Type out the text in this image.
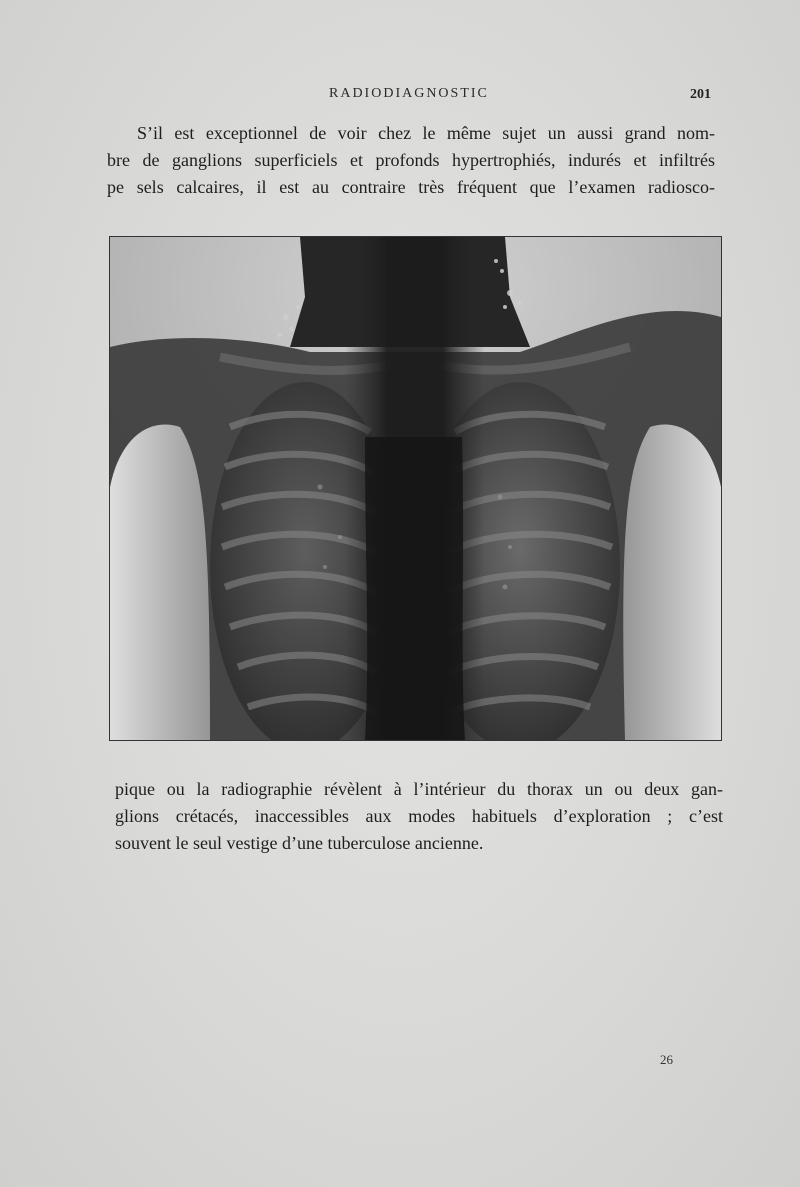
RADIODIAGNOSTIC	201
S’il est exceptionnel de voir chez le même sujet un aussi grand nom-
bre de ganglions superficiels et profonds hypertrophiés, indurés et infiltrés
pe sels calcaires, il est au contraire très fréquent que l’examen radiosco-
pique ou la radiographie révèlent à l’intérieur du thorax un ou deux gan-
glions crétacés, inaccessibles aux modes habituels d’exploration ; c’est
souvent le seul vestige d’une tuberculose ancienne.
26
